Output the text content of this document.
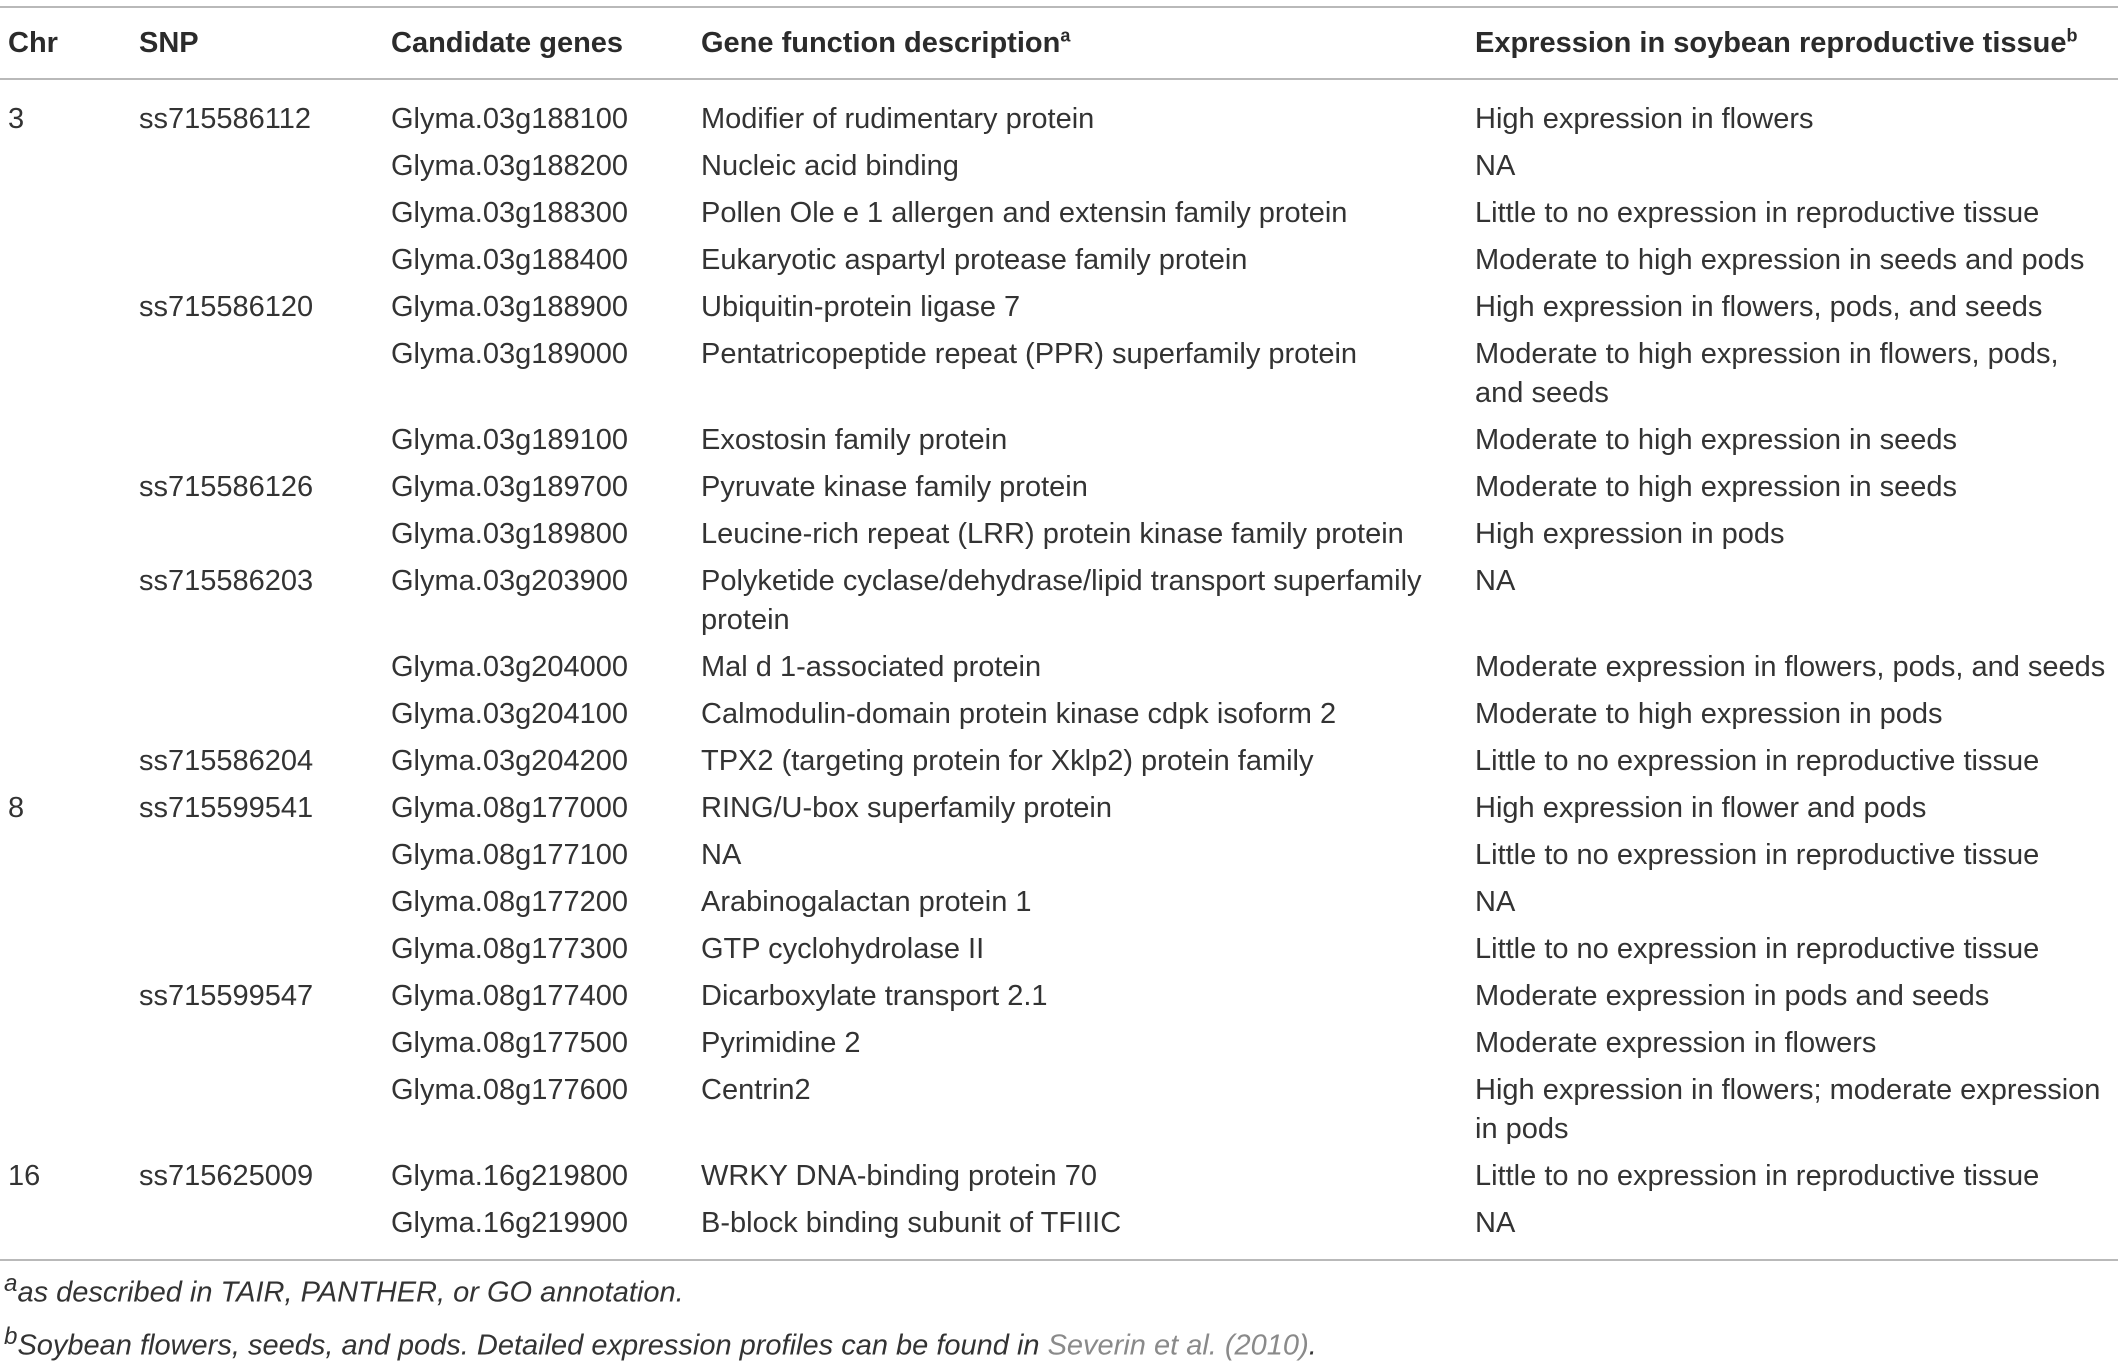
Chr	SNP	Candidate genes	Gene function description$^a$	Expression in soybean reproductive tissue$^b$
3	ss715586112	Glyma.03g188100	Modifier of rudimentary protein	High expression in flowers
		Glyma.03g188200	Nucleic acid binding	NA
		Glyma.03g188300	Pollen Ole e 1 allergen and extensin family protein	Little to no expression in reproductive tissue
		Glyma.03g188400	Eukaryotic aspartyl protease family protein	Moderate to high expression in seeds and pods
	ss715586120	Glyma.03g188900	Ubiquitin-protein ligase 7	High expression in flowers, pods, and seeds
		Glyma.03g189000	Pentatricopeptide repeat (PPR) superfamily protein	Moderate to high expression in flowers, pods, and seeds
		Glyma.03g189100	Exostosin family protein	Moderate to high expression in seeds
	ss715586126	Glyma.03g189700	Pyruvate kinase family protein	Moderate to high expression in seeds
		Glyma.03g189800	Leucine-rich repeat (LRR) protein kinase family protein	High expression in pods
	ss715586203	Glyma.03g203900	Polyketide cyclase/dehydrase/lipid transport superfamily protein	NA
		Glyma.03g204000	Mal d 1-associated protein	Moderate expression in flowers, pods, and seeds
		Glyma.03g204100	Calmodulin-domain protein kinase cdpk isoform 2	Moderate to high expression in pods
	ss715586204	Glyma.03g204200	TPX2 (targeting protein for Xklp2) protein family	Little to no expression in reproductive tissue
8	ss715599541	Glyma.08g177000	RING/U-box superfamily protein	High expression in flower and pods
		Glyma.08g177100	NA	Little to no expression in reproductive tissue
		Glyma.08g177200	Arabinogalactan protein 1	NA
		Glyma.08g177300	GTP cyclohydrolase II	Little to no expression in reproductive tissue
	ss715599547	Glyma.08g177400	Dicarboxylate transport 2.1	Moderate expression in pods and seeds
		Glyma.08g177500	Pyrimidine 2	Moderate expression in flowers
		Glyma.08g177600	Centrin2	High expression in flowers; moderate expression in pods
16	ss715625009	Glyma.16g219800	WRKY DNA-binding protein 70	Little to no expression in reproductive tissue
		Glyma.16g219900	B-block binding subunit of TFIIIC	NA
$^a$as described in TAIR, PANTHER, or GO annotation.
$^b$Soybean flowers, seeds, and pods. Detailed expression profiles can be found in Severin et al. (2010).
